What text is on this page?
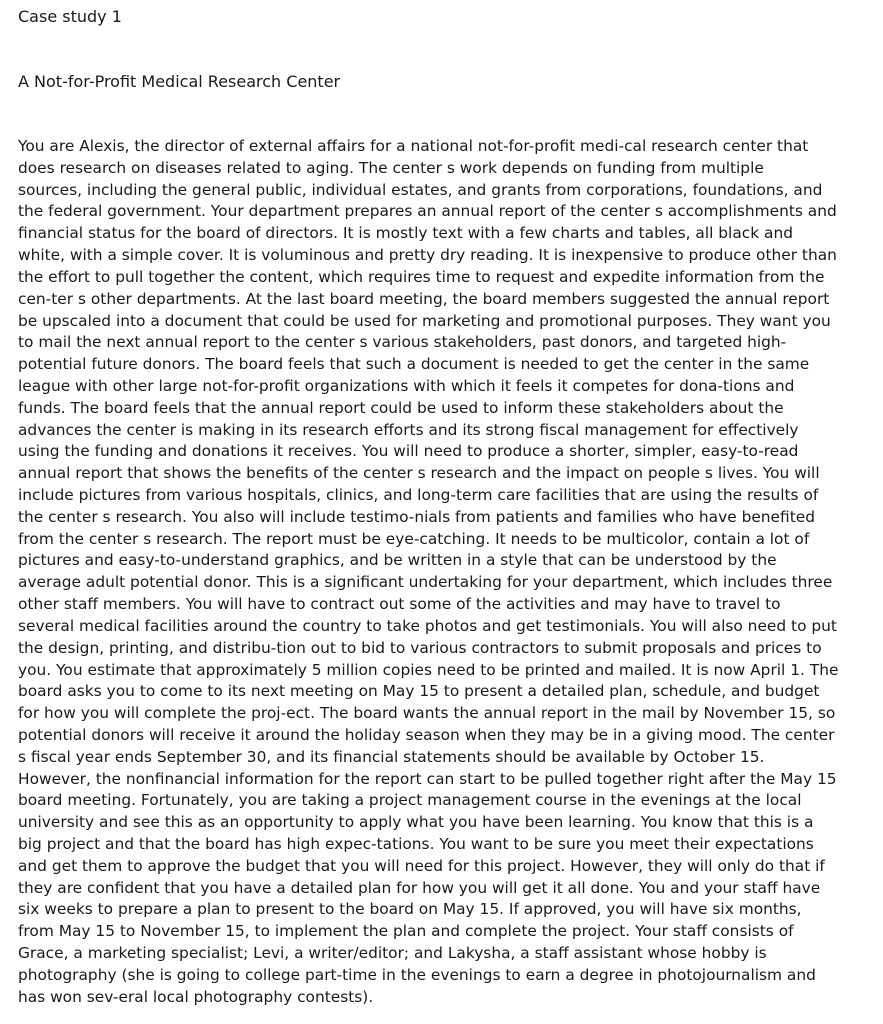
Case study 1
A Not-for-Profit Medical Research Center
You are Alexis, the director of external affairs for a national not-for-profit medi-cal research center that
does research on diseases related to aging. The center s work depends on funding from multiple
sources, including the general public, individual estates, and grants from corporations, foundations, and
the federal government. Your department prepares an annual report of the center s accomplishments and
financial status for the board of directors. It is mostly text with a few charts and tables, all black and
white, with a simple cover. It is voluminous and pretty dry reading. It is inexpensive to produce other than
the effort to pull together the content, which requires time to request and expedite information from the
cen-ter s other departments. At the last board meeting, the board members suggested the annual report
be upscaled into a document that could be used for marketing and promotional purposes. They want you
to mail the next annual report to the center s various stakeholders, past donors, and targeted high-
potential future donors. The board feels that such a document is needed to get the center in the same
league with other large not-for-profit organizations with which it feels it competes for dona-tions and
funds. The board feels that the annual report could be used to inform these stakeholders about the
advances the center is making in its research efforts and its strong fiscal management for effectively
using the funding and donations it receives. You will need to produce a shorter, simpler, easy-to-read
annual report that shows the benefits of the center s research and the impact on people s lives. You will
include pictures from various hospitals, clinics, and long-term care facilities that are using the results of
the center s research. You also will include testimo-nials from patients and families who have benefited
from the center s research. The report must be eye-catching. It needs to be multicolor, contain a lot of
pictures and easy-to-understand graphics, and be written in a style that can be understood by the
average adult potential donor. This is a significant undertaking for your department, which includes three
other staff members. You will have to contract out some of the activities and may have to travel to
several medical facilities around the country to take photos and get testimonials. You will also need to put
the design, printing, and distribu-tion out to bid to various contractors to submit proposals and prices to
you. You estimate that approximately 5 million copies need to be printed and mailed. It is now April 1. The
board asks you to come to its next meeting on May 15 to present a detailed plan, schedule, and budget
for how you will complete the proj-ect. The board wants the annual report in the mail by November 15, so
potential donors will receive it around the holiday season when they may be in a giving mood. The center
s fiscal year ends September 30, and its financial statements should be available by October 15.
However, the nonfinancial information for the report can start to be pulled together right after the May 15
board meeting. Fortunately, you are taking a project management course in the evenings at the local
university and see this as an opportunity to apply what you have been learning. You know that this is a
big project and that the board has high expec-tations. You want to be sure you meet their expectations
and get them to approve the budget that you will need for this project. However, they will only do that if
they are confident that you have a detailed plan for how you will get it all done. You and your staff have
six weeks to prepare a plan to present to the board on May 15. If approved, you will have six months,
from May 15 to November 15, to implement the plan and complete the project. Your staff consists of
Grace, a marketing specialist; Levi, a writer/editor; and Lakysha, a staff assistant whose hobby is
photography (she is going to college part-time in the evenings to earn a degree in photojournalism and
has won sev-eral local photography contests).
